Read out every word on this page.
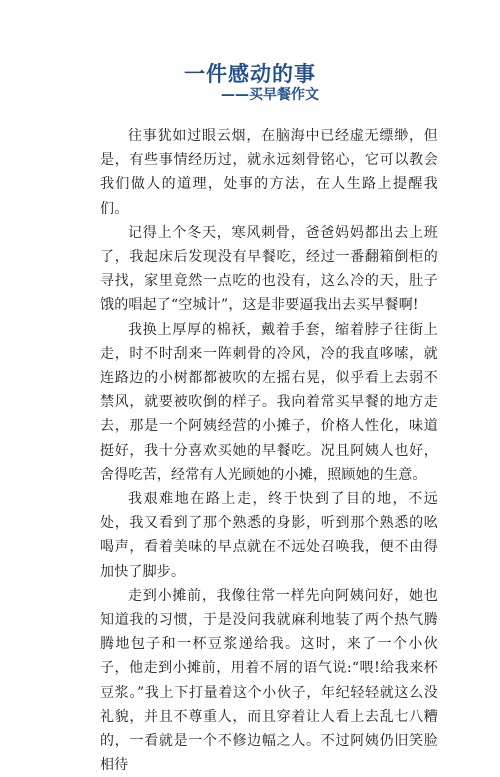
一件感动的事
——买早餐作文

往事犹如过眼云烟，在脑海中已经虚无缥缈，但是，有些事情经历过，就永远刻骨铭心，它可以教会我们做人的道理，处事的方法，在人生路上提醒我们。

记得上个冬天，寒风刺骨，爸爸妈妈都出去上班了，我起床后发现没有早餐吃，经过一番翻箱倒柜的寻找，家里竟然一点吃的也没有，这么冷的天，肚子饿的唱起了“空城计”，这是非要逼我出去买早餐啊!

我换上厚厚的棉袄，戴着手套，缩着脖子往街上走，时不时刮来一阵刺骨的冷风，冷的我直哆嗦，就连路边的小树都都被吹的左摇右晃，似乎看上去弱不禁风，就要被吹倒的样子。我向着常买早餐的地方走去，那是一个阿姨经营的小摊子，价格人性化，味道挺好，我十分喜欢买她的早餐吃。况且阿姨人也好，舍得吃苦，经常有人光顾她的小摊，照顾她的生意。

我艰难地在路上走，终于快到了目的地，不远处，我又看到了那个熟悉的身影，听到那个熟悉的吆喝声，看着美味的早点就在不远处召唤我，便不由得加快了脚步。

走到小摊前，我像往常一样先向阿姨问好，她也知道我的习惯，于是没问我就麻利地装了两个热气腾腾地包子和一杯豆浆递给我。这时，来了一个小伙子，他走到小摊前，用着不屑的语气说:“喂!给我来杯豆浆。”我上下打量着这个小伙子，年纪轻轻就这么没礼貌，并且不尊重人，而且穿着让人看上去乱七八糟的，一看就是一个不修边幅之人。不过阿姨仍旧笑脸相待
